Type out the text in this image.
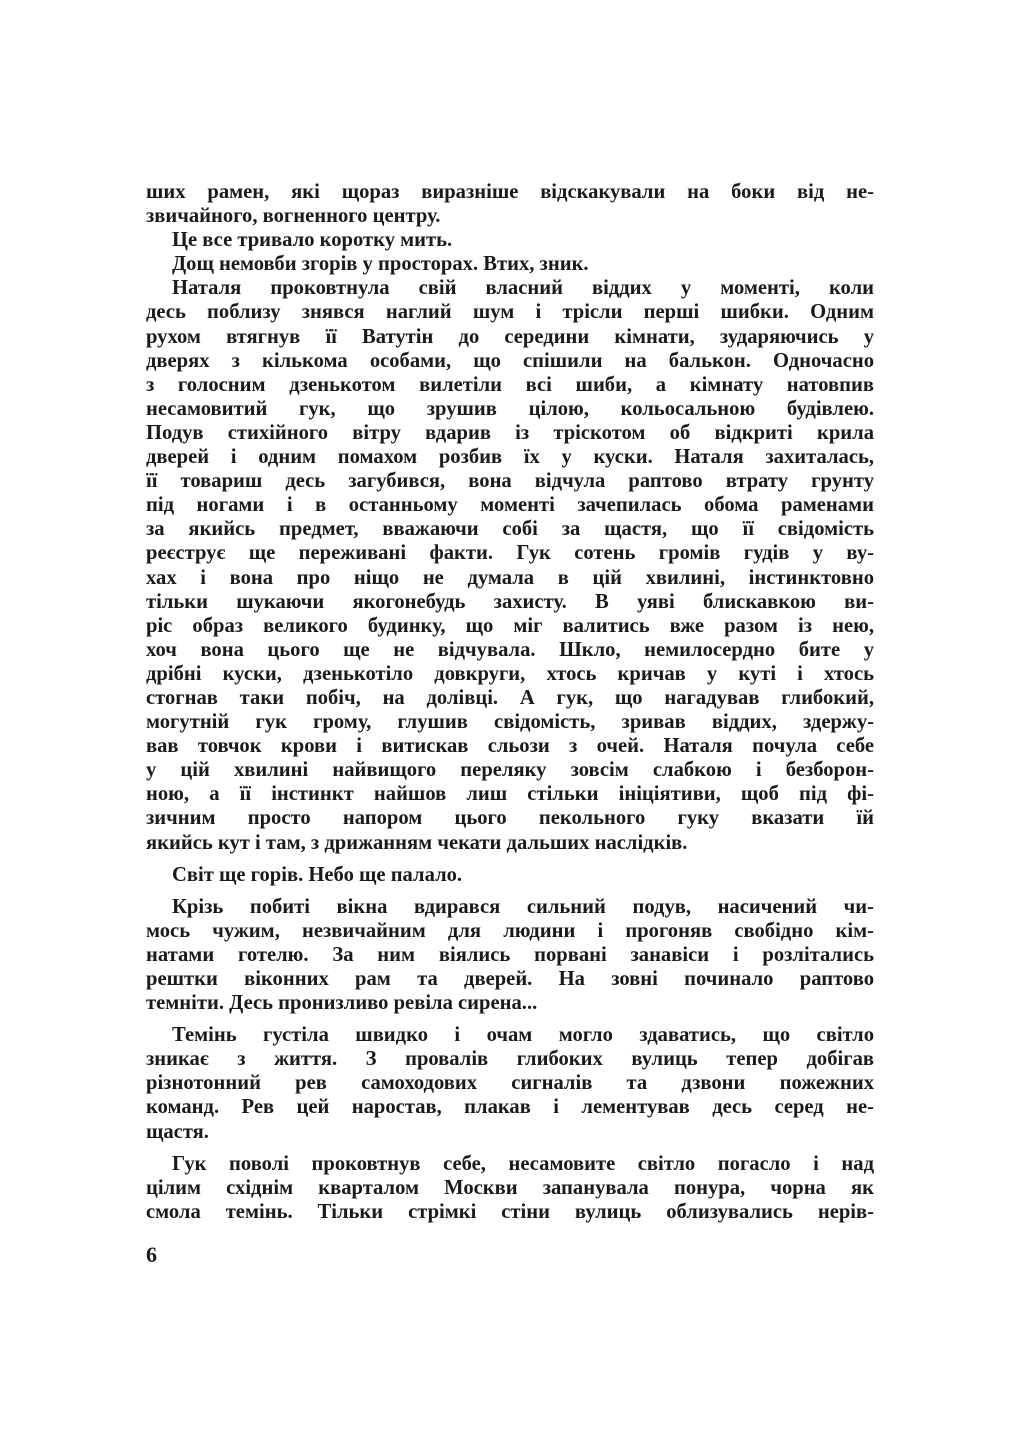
ших рамен, які щораз виразніше відскакували на боки від не-
звичайного, вогненного центру.
Це все тривало коротку мить.
Дощ немовби згорів у просторах. Втих, зник.
Наталя проковтнула свій власний віддих у моменті, коли
десь поблизу знявся наглий шум і трісли перші шибки. Одним
рухом втягнув її Ватутін до середини кімнати, зударяючись у
дверях з кількома особами, що спішили на балькон. Одночасно
з голосним дзенькотом вилетіли всі шиби, а кімнату натовпив
несамовитий гук, що зрушив цілою, кольосальною будівлею.
Подув стихійного вітру вдарив із тріскотом об відкриті крила
дверей і одним помахом розбив їх у куски. Наталя захиталась,
її товариш десь загубився, вона відчула раптово втрату грунту
під ногами і в останньому моменті зачепилась обома раменами
за якийсь предмет, вважаючи собі за щастя, що її свідомість
реєструє ще переживані факти. Гук сотень громів гудів у ву-
хах і вона про ніщо не думала в цій хвилині, інстинктовно
тільки шукаючи якогонебудь захисту. В уяві блискавкою ви-
ріс образ великого будинку, що міг валитись вже разом із нею,
хоч вона цього ще не відчувала. Шкло, немилосердно бите у
дрібні куски, дзенькотіло довкруги, хтось кричав у куті і хтось
стогнав таки побіч, на долівці. А гук, що нагадував глибокий,
могутній гук грому, глушив свідомість, зривав віддих, здержу-
вав товчок крови і витискав сльози з очей. Наталя почула себе
у цій хвилині найвищого переляку зовсім слабкою і безборон-
ною, а її інстинкт найшов лиш стільки ініціятиви, щоб під фі-
зичним просто напором цього пекольного гуку вказати їй
якийсь кут і там, з дрижанням чекати дальших наслідків.
Світ ще горів. Небо ще палало.
Крізь побиті вікна вдирався сильний подув, насичений чи-
мось чужим, незвичайним для людини і прогоняв свобідно кім-
натами готелю. За ним віялись порвані занавіси і розлітались
рештки віконних рам та дверей. На зовні починало раптово
темніти. Десь пронизливо ревіла сирена...
Темінь густіла швидко і очам могло здаватись, що світло
зникає з життя. З провалів глибоких вулиць тепер добігав
різнотонний рев самоходових сигналів та дзвони пожежних
команд. Рев цей наростав, плакав і лементував десь серед не-
щастя.
Гук поволі проковтнув себе, несамовите світло погасло і над
цілим східнім кварталом Москви запанувала понура, чорна як
смола темінь. Тільки стрімкі стіни вулиць облизувались нерів-
6
